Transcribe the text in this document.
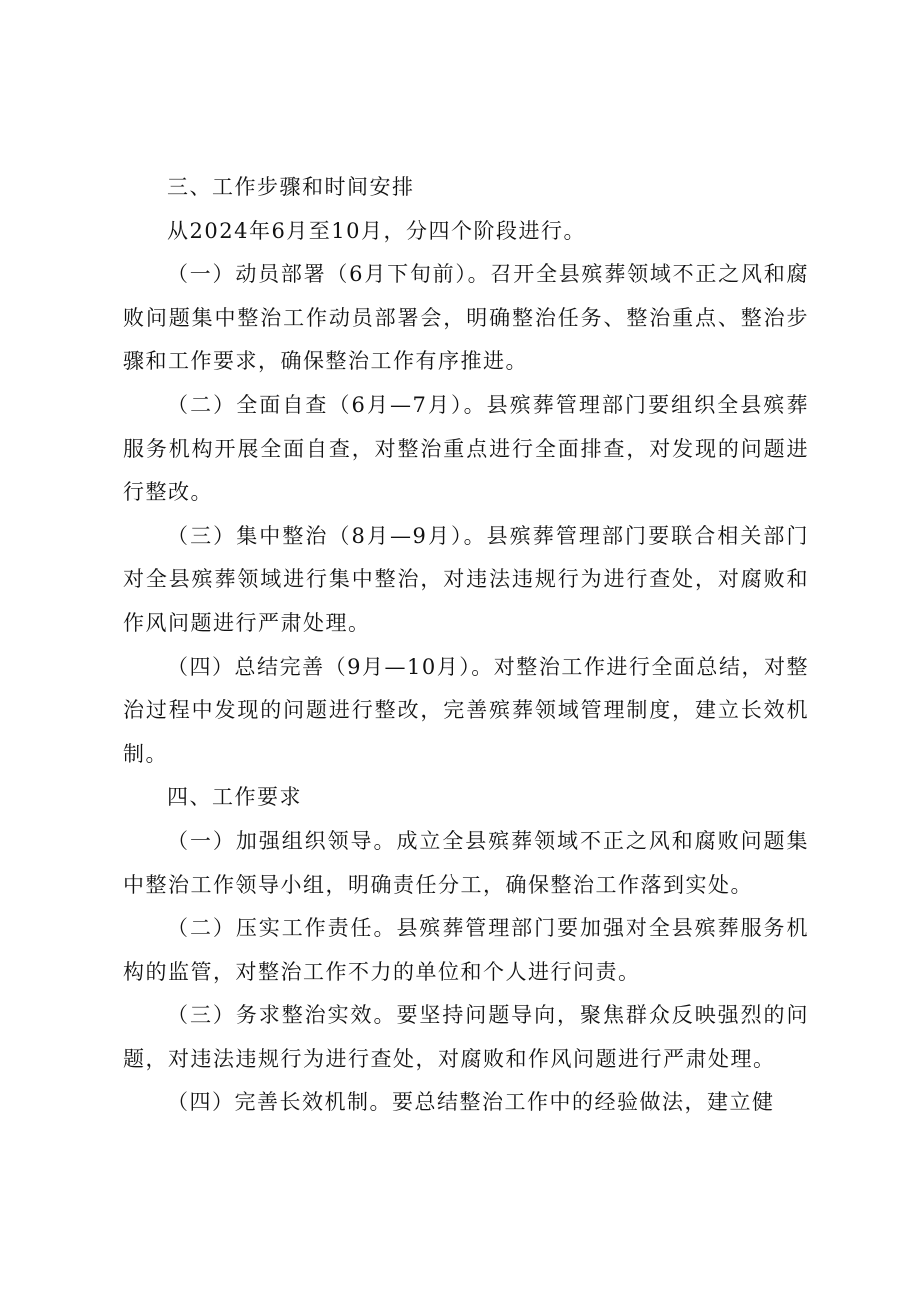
三、工作步骤和时间安排

从2024年6月至10月，分四个阶段进行。

（一）动员部署（6月下旬前）。召开全县殡葬领域不正之风和腐败问题集中整治工作动员部署会，明确整治任务、整治重点、整治步骤和工作要求，确保整治工作有序推进。

（二）全面自查（6月—7月）。县殡葬管理部门要组织全县殡葬服务机构开展全面自查，对整治重点进行全面排查，对发现的问题进行整改。

（三）集中整治（8月—9月）。县殡葬管理部门要联合相关部门对全县殡葬领域进行集中整治，对违法违规行为进行查处，对腐败和作风问题进行严肃处理。

（四）总结完善（9月—10月）。对整治工作进行全面总结，对整治过程中发现的问题进行整改，完善殡葬领域管理制度，建立长效机制。

四、工作要求

（一）加强组织领导。成立全县殡葬领域不正之风和腐败问题集中整治工作领导小组，明确责任分工，确保整治工作落到实处。

（二）压实工作责任。县殡葬管理部门要加强对全县殡葬服务机构的监管，对整治工作不力的单位和个人进行问责。

（三）务求整治实效。要坚持问题导向，聚焦群众反映强烈的问题，对违法违规行为进行查处，对腐败和作风问题进行严肃处理。

（四）完善长效机制。要总结整治工作中的经验做法，建立健
